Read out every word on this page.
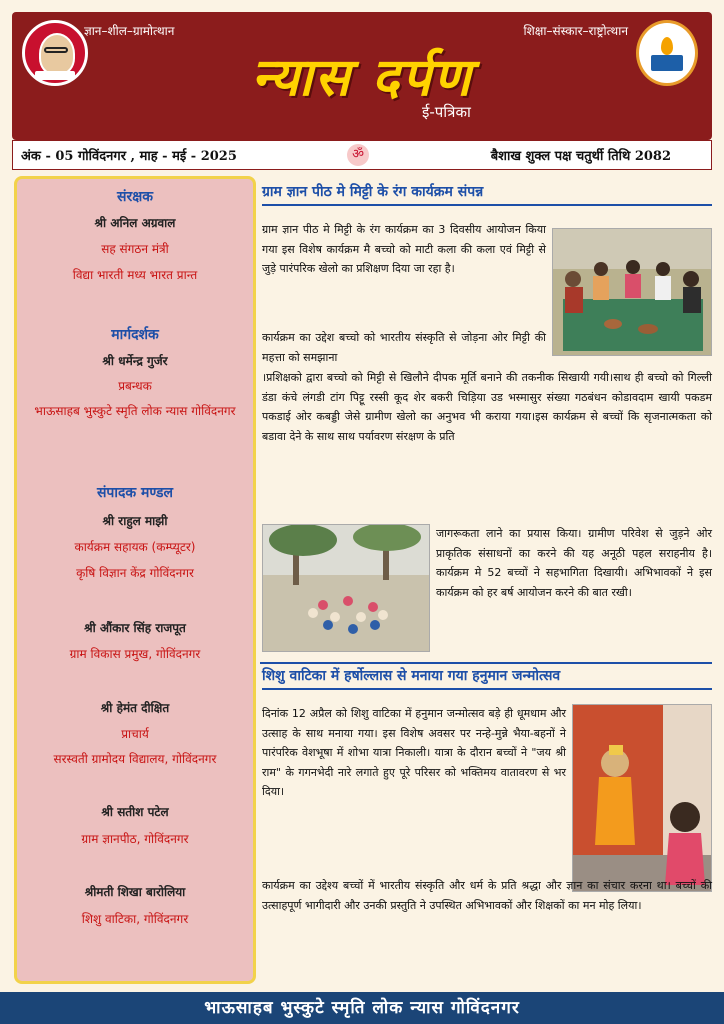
ज्ञान–शील–ग्रामोत्थान	शिक्षा–संस्कार–राष्ट्रोत्थान
न्यास दर्पण
ई-पत्रिका
अंक - 05 गोविंदनगर , माह - मई - 2025	ॐ	बैशाख शुक्ल पक्ष चतुर्थी तिथि 2082
संरक्षक
श्री अनिल अग्रवाल
सह संगठन मंत्री
विद्या भारती मध्य भारत प्रान्त
मार्गदर्शक
श्री धर्मेन्द्र गुर्जर
प्रबन्धक
भाऊसाहब भुस्कुटे स्मृति लोक न्यास गोविंदनगर
संपादक मण्डल
श्री राहुल माझी
कार्यक्रम सहायक (कम्प्यूटर)
कृषि विज्ञान केंद्र गोविंदनगर
श्री औंकार सिंह राजपूत
ग्राम विकास प्रमुख, गोविंदनगर
श्री हेमंत दीक्षित
प्राचार्य
सरस्वती ग्रामोदय विद्यालय, गोविंदनगर
श्री सतीश पटेल
ग्राम ज्ञानपीठ, गोविंदनगर
श्रीमती शिखा बारोलिया
शिशु वाटिका, गोविंदनगर
ग्राम ज्ञान पीठ मे मिट्टी के रंग कार्यक्रम संपन्न
ग्राम ज्ञान पीठ मे मिट्टी के रंग कार्यक्रम का 3 दिवसीय आयोजन किया गया इस विशेष कार्यक्रम मै बच्चो को माटी कला की कला एवं मिट्टी से जुड़े पारंपरिक खेलो का प्रशिक्षण दिया जा रहा है।
कार्यक्रम का उद्देश बच्चो को भारतीय संस्कृति से जोड़ना ओर मिट्टी की महत्ता को समझाना
।प्रशिक्षको द्वारा बच्चो को मिट्टी से खिलौने दीपक मूर्ति बनाने की तकनीक सिखायी गयी।साथ ही बच्चो को गिल्ली डंडा कंचे लंगडी टांग पिट्टू रस्सी कूद शेर बकरी चिड़िया उड भस्मासुर संख्या गठबंधन कोडावदाम खायी पकडम पकडाई ओर कबड्डी जेसे ग्रामीण खेलो का अनुभव भी कराया गया।इस कार्यक्रम से बच्चों कि सृजनात्मकता को बडावा देने के साथ साथ पर्यावरण संरक्षण के प्रति
जागरूकता लाने का प्रयास किया। ग्रामीण परिवेश से जुड़ने ओर प्राकृतिक संसाधनों का करने की यह अनूठी पहल सराहनीय है। कार्यक्रम मे 52 बच्चों ने सहभागिता दिखायी। अभिभावकों ने इस कार्यक्रम को हर बर्ष आयोजन करने की बात रखी।
शिशु वाटिका में हर्षोल्लास से मनाया गया हनुमान जन्मोत्सव
दिनांक 12 अप्रैल को शिशु वाटिका में हनुमान जन्मोत्सव बड़े ही धूमधाम और उत्साह के साथ मनाया गया। इस विशेष अवसर पर नन्हे-मुन्ने भैया-बहनों ने पारंपरिक वेशभूषा में शोभा यात्रा निकाली। यात्रा के दौरान बच्चों ने "जय श्री राम" के गगनभेदी नारे लगाते हुए पूरे परिसर को भक्तिमय वातावरण से भर दिया।
कार्यक्रम का उद्देश्य बच्चों में भारतीय संस्कृति और धर्म के प्रति श्रद्धा और ज्ञान का संचार करना था। बच्चों की उत्साहपूर्ण भागीदारी और उनकी प्रस्तुति ने उपस्थित अभिभावकों और शिक्षकों का मन मोह लिया।
भाऊसाहब भुस्कुटे स्मृति लोक न्यास गोविंदनगर
